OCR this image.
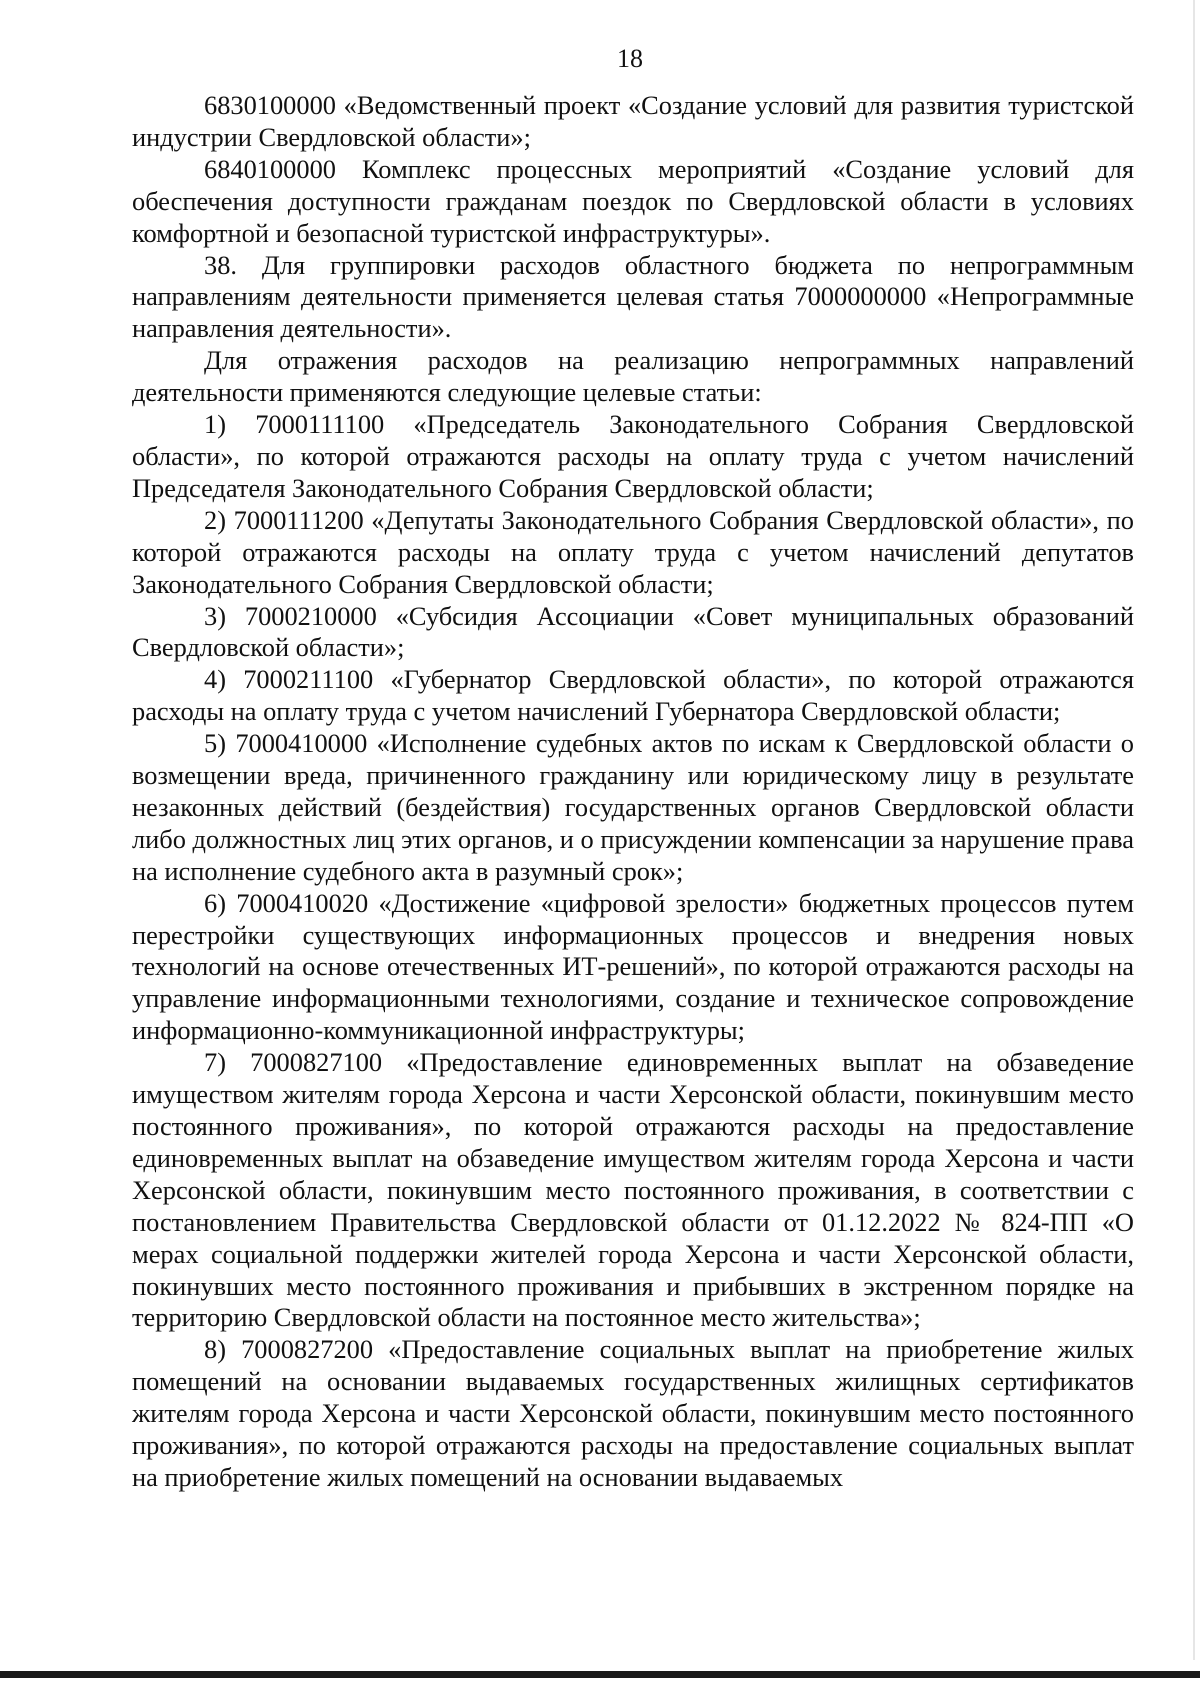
18

6830100000 «Ведомственный проект «Создание условий для развития туристской индустрии Свердловской области»;

6840100000 Комплекс процессных мероприятий «Создание условий для обеспечения доступности гражданам поездок по Свердловской области в условиях комфортной и безопасной туристской инфраструктуры».

38. Для группировки расходов областного бюджета по непрограммным направлениям деятельности применяется целевая статья 7000000000 «Непрограммные направления деятельности».

Для отражения расходов на реализацию непрограммных направлений деятельности применяются следующие целевые статьи:

1) 7000111100 «Председатель Законодательного Собрания Свердловской области», по которой отражаются расходы на оплату труда с учетом начислений Председателя Законодательного Собрания Свердловской области;

2) 7000111200 «Депутаты Законодательного Собрания Свердловской области», по которой отражаются расходы на оплату труда с учетом начислений депутатов Законодательного Собрания Свердловской области;

3) 7000210000 «Субсидия Ассоциации «Совет муниципальных образований Свердловской области»;

4) 7000211100 «Губернатор Свердловской области», по которой отражаются расходы на оплату труда с учетом начислений Губернатора Свердловской области;

5) 7000410000 «Исполнение судебных актов по искам к Свердловской области о возмещении вреда, причиненного гражданину или юридическому лицу в результате незаконных действий (бездействия) государственных органов Свердловской области либо должностных лиц этих органов, и о присуждении компенсации за нарушение права на исполнение судебного акта в разумный срок»;

6) 7000410020 «Достижение «цифровой зрелости» бюджетных процессов путем перестройки существующих информационных процессов и внедрения новых технологий на основе отечественных ИТ-решений», по которой отражаются расходы на управление информационными технологиями, создание и техническое сопровождение информационно-коммуникационной инфраструктуры;

7) 7000827100 «Предоставление единовременных выплат на обзаведение имуществом жителям города Херсона и части Херсонской области, покинувшим место постоянного проживания», по которой отражаются расходы на предоставление единовременных выплат на обзаведение имуществом жителям города Херсона и части Херсонской области, покинувшим место постоянного проживания, в соответствии с постановлением Правительства Свердловской области от 01.12.2022 № 824-ПП «О мерах социальной поддержки жителей города Херсона и части Херсонской области, покинувших место постоянного проживания и прибывших в экстренном порядке на территорию Свердловской области на постоянное место жительства»;

8) 7000827200 «Предоставление социальных выплат на приобретение жилых помещений на основании выдаваемых государственных жилищных сертификатов жителям города Херсона и части Херсонской области, покинувшим место постоянного проживания», по которой отражаются расходы на предоставление социальных выплат на приобретение жилых помещений на основании выдаваемых
